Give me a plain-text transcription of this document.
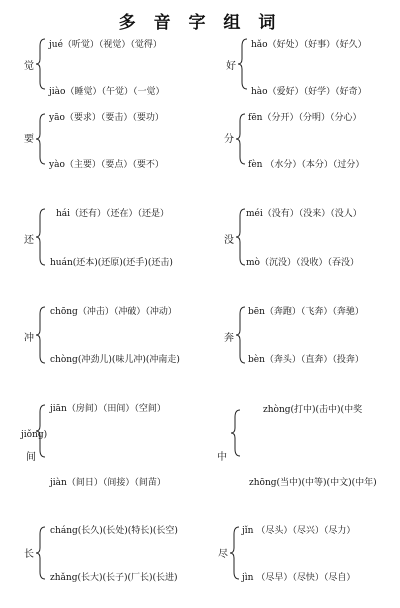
多 音 字 组 词
觉
jué（听觉）（视觉）（觉得）
jiào（睡觉）（午觉）（一觉）
好
hǎo（好处）（好事）（好久）
hào（爱好）（好学）（好奇）
要
yāo（要求）（要击）（要功）
yào（主要）（要点）（要不）
分
fēn（分开）（分明）（分心）
fèn （水分）（本分）（过分）
还
hái（还有）（还在）（还是）
huán(还本)(还原)(还手)(还击)
没
méi（没有）（没来）（没人）
mò（沉没）（没收）（吞没）
冲
chōng（冲击）（冲破）（冲动）
chòng(冲劲儿)(味儿冲)(冲南走)
奔
bēn（奔跑）（飞奔）（奔驰）
bèn（奔头）（直奔）（投奔）
jiǒng)
间
jiān（房间）（田间）（空间）
jiàn（间日）（间接）（间苗）
中
zhòng(打中)(击中)(中奖
zhōng(当中)(中等)(中文)(中年)
长
cháng(长久)(长处)(特长)(长空)
zhǎng(长大)(长子)(厂长)(长进)
尽
jǐn （尽头）（尽兴）（尽力）
jìn （尽早）（尽快）（尽自）
